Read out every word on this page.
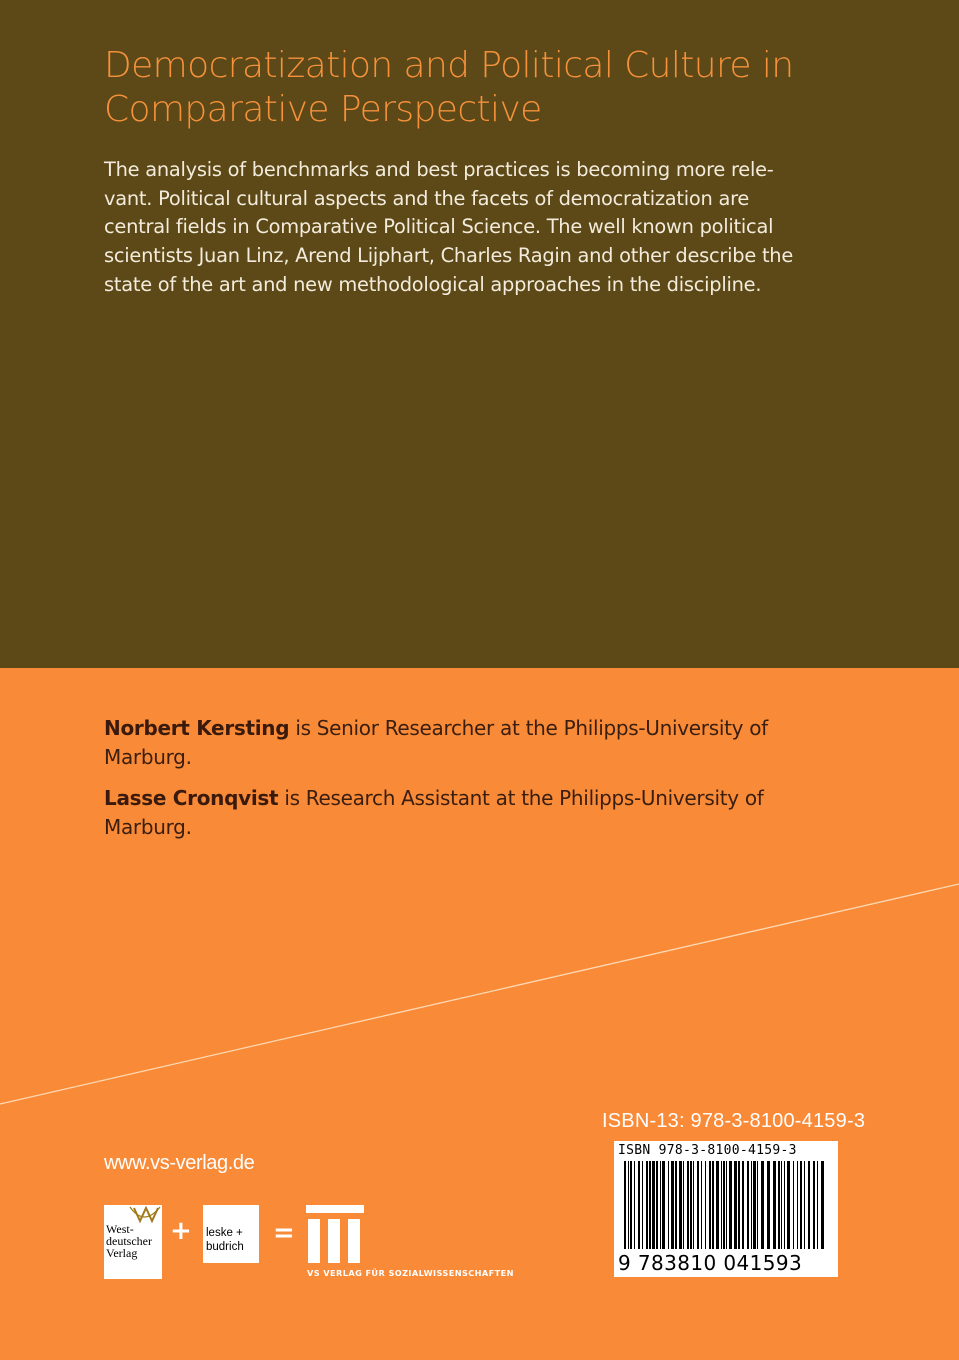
Democratization and Political Culture in Comparative Perspective

The analysis of benchmarks and best practices is becoming more rele-
vant. Political cultural aspects and the facets of democratization are
central fields in Comparative Political Science. The well known political
scientists Juan Linz, Arend Lijphart, Charles Ragin and other describe the
state of the art and new methodological approaches in the discipline.

Norbert Kersting is Senior Researcher at the Philipps-University of Marburg.

Lasse Cronqvist is Research Assistant at the Philipps-University of Marburg.

ISBN-13: 978-3-8100-4159-3

ISBN 978-3-8100-4159-3
9 783810 041593

www.vs-verlag.de

West-deutscher Verlag

+ leske +
budrich =

VS VERLAG FÜR SOZIALWISSENSCHAFTEN
